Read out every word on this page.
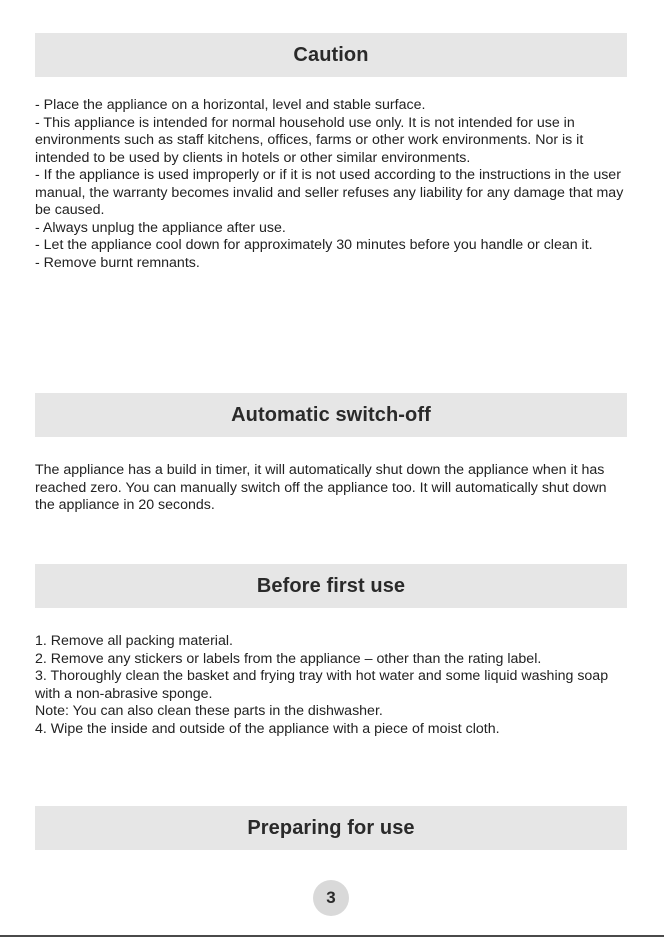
Caution

- Place the appliance on a horizontal, level and stable surface.

- This appliance is intended for normal household use only. It is not intended for use in environments such as staff kitchens, offices, farms or other work environments. Nor is it intended to be used by clients in hotels or other similar environments.

- If the appliance is used improperly or if it is not used according to the instructions in the user manual, the warranty becomes invalid and seller refuses any liability for any damage that may be caused.

- Always unplug the appliance after use.

- Let the appliance cool down for approximately 30 minutes before you handle or clean it.

- Remove burnt remnants.

Automatic switch-off

The appliance has a build in timer, it will automatically shut down the appliance when it has reached zero. You can manually switch off the appliance too. It will automatically shut down the appliance in 20 seconds.

Before first use

1. Remove all packing material.

2. Remove any stickers or labels from the appliance – other than the rating label.

3. Thoroughly clean the basket and frying tray with hot water and some liquid washing soap with a non-abrasive sponge.

Note: You can also clean these parts in the dishwasher.

4. Wipe the inside and outside of the appliance with a piece of moist cloth.

Preparing for use
3
